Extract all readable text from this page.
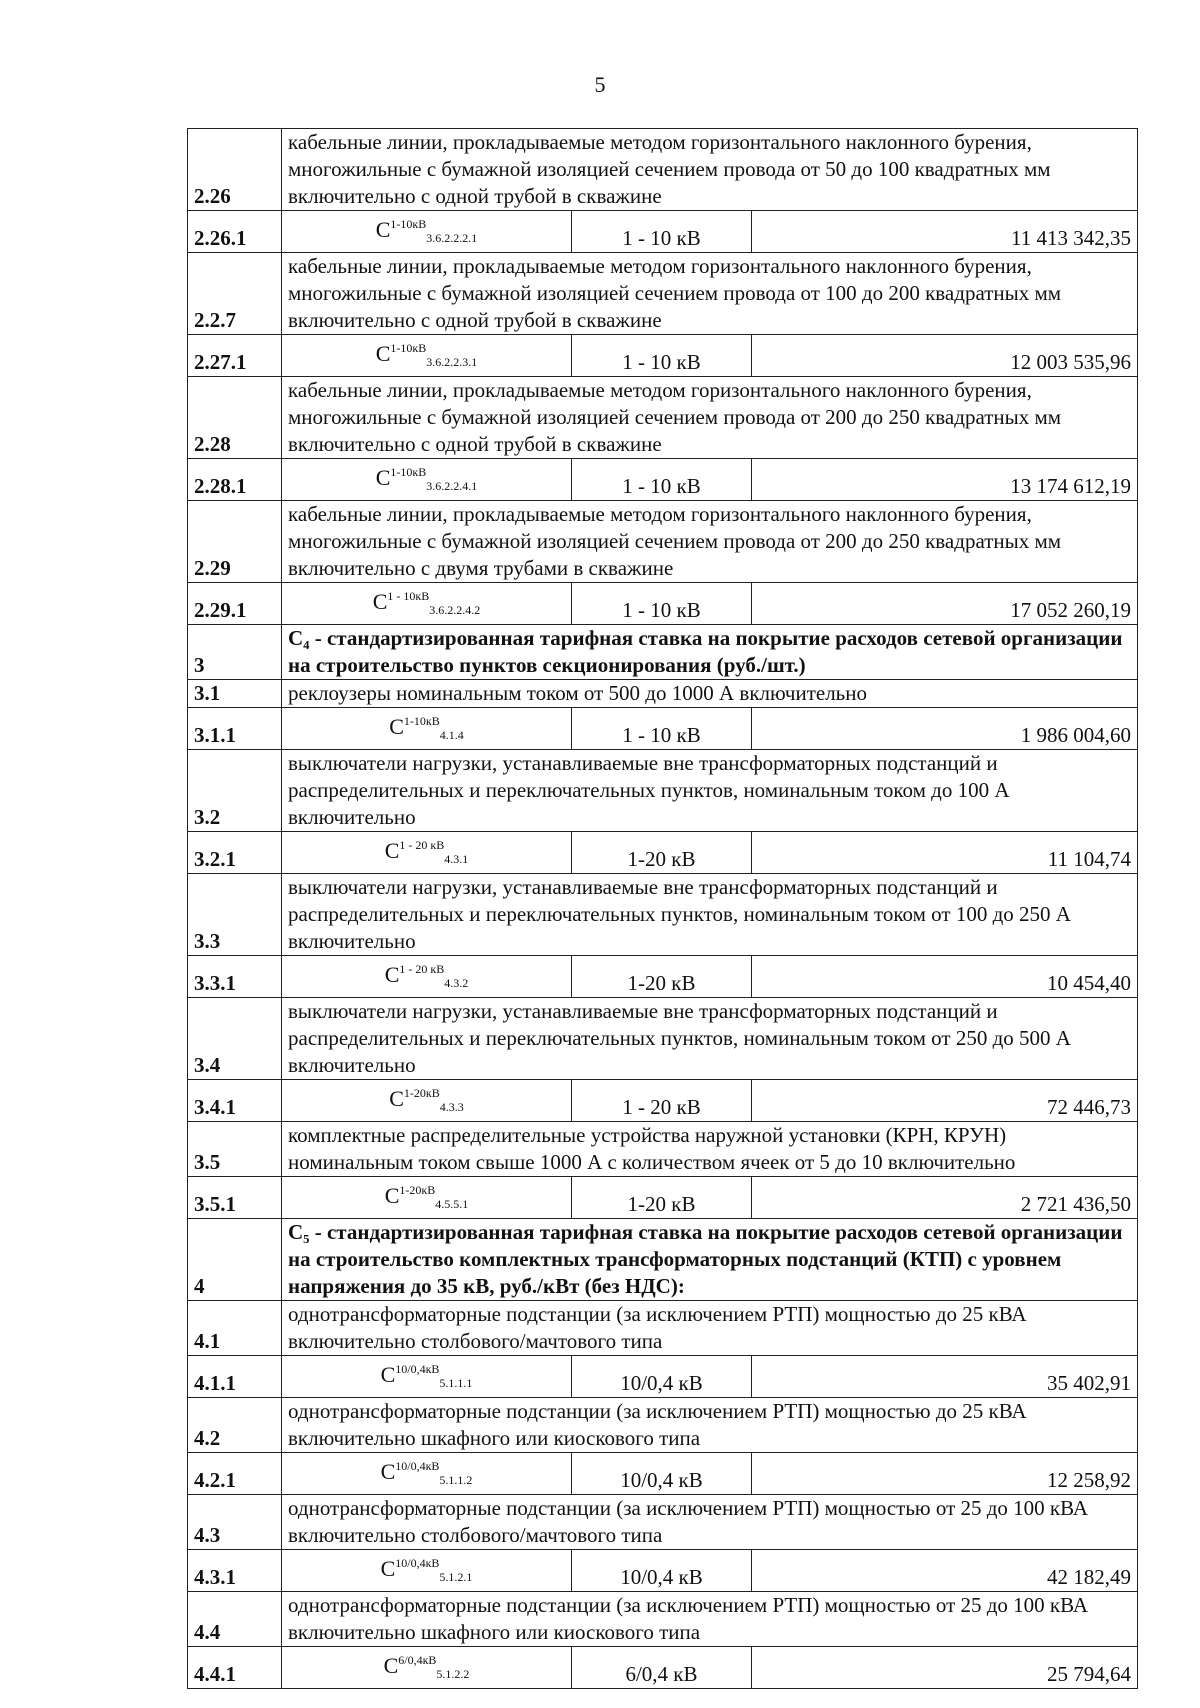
5
2.26	кабельные линии, прокладываемые методом горизонтального наклонного бурения, многожильные с бумажной изоляцией сечением провода от 50 до 100 квадратных мм включительно с одной трубой в скважине		
2.26.1	$C^{1-10кВ}_{3.6.2.2.2.1}$	1 - 10 кВ	11 413 342,35
2.2.7	кабельные линии, прокладываемые методом горизонтального наклонного бурения, многожильные с бумажной изоляцией сечением провода от 100 до 200 квадратных мм включительно с одной трубой в скважине		
2.27.1	$C^{1-10кВ}_{3.6.2.2.3.1}$	1 - 10 кВ	12 003 535,96
2.28	кабельные линии, прокладываемые методом горизонтального наклонного бурения, многожильные с бумажной изоляцией сечением провода от 200 до 250 квадратных мм включительно с одной трубой в скважине		
2.28.1	$C^{1-10кВ}_{3.6.2.2.4.1}$	1 - 10 кВ	13 174 612,19
2.29	кабельные линии, прокладываемые методом горизонтального наклонного бурения, многожильные с бумажной изоляцией сечением провода от 200 до 250 квадратных мм включительно с двумя трубами в скважине		
2.29.1	$C^{1 - 10кВ}_{3.6.2.2.4.2}$	1 - 10 кВ	17 052 260,19
3	C₄ - стандартизированная тарифная ставка на покрытие расходов сетевой организации на строительство пунктов секционирования (руб./шт.)		
3.1	реклоузеры номинальным током от 500 до 1000 А включительно		
3.1.1	$C^{1-10кВ}_{4.1.4}$	1 - 10 кВ	1 986 004,60
3.2	выключатели нагрузки, устанавливаемые вне трансформаторных подстанций и распределительных и переключательных пунктов, номинальным током до 100 А включительно		
3.2.1	$C^{1 - 20 кВ}_{4.3.1}$	1-20 кВ	11 104,74
3.3	выключатели нагрузки, устанавливаемые вне трансформаторных подстанций и распределительных и переключательных пунктов, номинальным током от 100 до 250 А включительно		
3.3.1	$C^{1 - 20 кВ}_{4.3.2}$	1-20 кВ	10 454,40
3.4	выключатели нагрузки, устанавливаемые вне трансформаторных подстанций и распределительных и переключательных пунктов, номинальным током от 250 до 500 А включительно		
3.4.1	$C^{1-20кВ}_{4.3.3}$	1 - 20 кВ	72 446,73
3.5	комплектные распределительные устройства наружной установки (КРН, КРУН) номинальным током свыше 1000 А с количеством ячеек от 5 до 10 включительно		
3.5.1	$C^{1-20кВ}_{4.5.5.1}$	1-20 кВ	2 721 436,50
4	C₅ - стандартизированная тарифная ставка на покрытие расходов сетевой организации на строительство комплектных трансформаторных подстанций (КТП) с уровнем напряжения до 35 кВ, руб./кВт (без НДС):		
4.1	однотрансформаторные подстанции (за исключением РТП) мощностью до 25 кВА включительно столбового/мачтового типа		
4.1.1	$C^{10/0,4кВ}_{5.1.1.1}$	10/0,4 кВ	35 402,91
4.2	однотрансформаторные подстанции (за исключением РТП) мощностью до 25 кВА включительно шкафного или киоскового типа		
4.2.1	$C^{10/0,4кВ}_{5.1.1.2}$	10/0,4 кВ	12 258,92
4.3	однотрансформаторные подстанции (за исключением РТП) мощностью от 25 до 100 кВА включительно столбового/мачтового типа		
4.3.1	$C^{10/0,4кВ}_{5.1.2.1}$	10/0,4 кВ	42 182,49
4.4	однотрансформаторные подстанции (за исключением РТП) мощностью от 25 до 100 кВА включительно шкафного или киоскового типа		
4.4.1	$C^{6/0,4кВ}_{5.1.2.2}$	6/0,4 кВ	25 794,64
